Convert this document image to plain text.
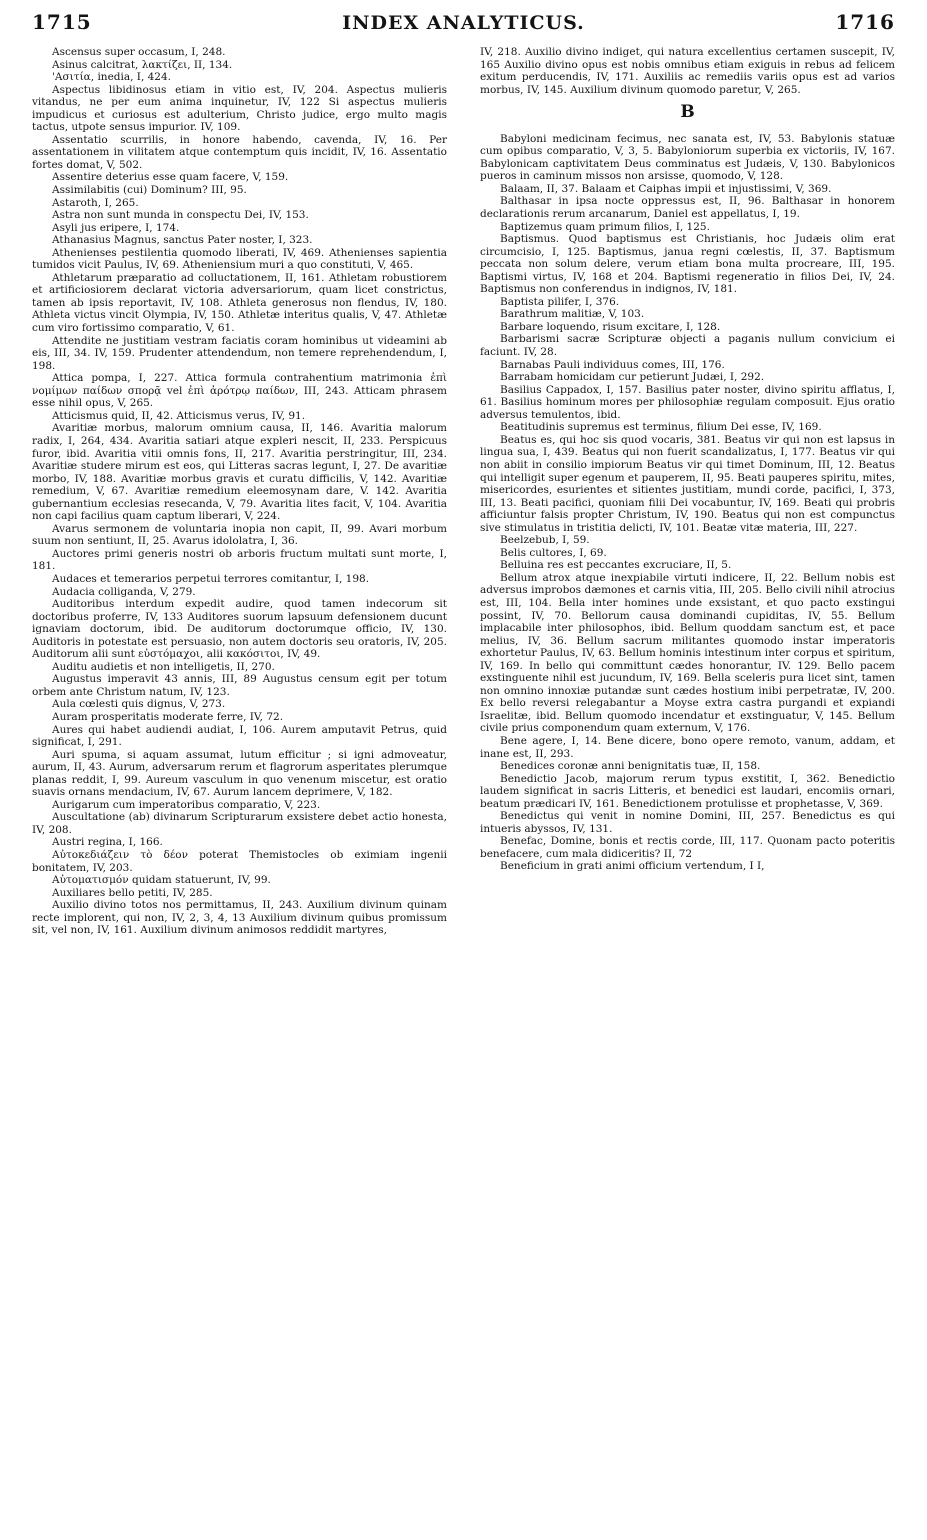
1715	INDEX ANALYTICUS.	1716

Ascensus super occasum, I, 248.

Asinus calcitrat, λακτίζει, II, 134.

'Ασιτία, inedia, I, 424.

Aspectus libidinosus etiam in vitio est, IV, 204. Aspectus mulieris vitandus, ne per eum anima inquinetur, IV, 122 Si aspectus mulieris impudicus et curiosus est adulterium, Christo judice, ergo multo magis tactus, utpote sensus impurior. IV, 109.

Assentatio scurrilis, in honore habendo, cavenda, IV, 16. Per assentationem in vilitatem atque contemptum quis incidit, IV, 16. Assentatio fortes domat, V, 502.

Assentire deterius esse quam facere, V, 159.

Assimilabitis (cui) Dominum? III, 95.

Astaroth, I, 265.

Astra non sunt munda in conspectu Dei, IV, 153.

Asyli jus eripere, I, 174.

Athanasius Magnus, sanctus Pater noster, I, 323.

Athenienses pestilentia quomodo liberati, IV, 469. Athenienses sapientia tumidos vicit Paulus, IV, 69. Atheniensium muri a quo constituti, V, 465.

Athletarum præparatio ad colluctationem, II, 161. Athletam robustiorem et artificiosiorem declarat victoria adversariorum, quam licet constrictus, tamen ab ipsis reportavit, IV, 108. Athleta generosus non flendus, IV, 180. Athleta victus vincit Olympia, IV, 150. Athletæ interitus qualis, V, 47. Athletæ cum viro fortissimo comparatio, V, 61.

Attendite ne justitiam vestram faciatis coram hominibus ut videamini ab eis, III, 34. IV, 159. Prudenter attendendum, non temere reprehendendum, I, 198.

Attica pompa, I, 227. Attica formula contrahentium matrimonia ἐπὶ νομίμων παίδων σπορᾷ vel ἐπὶ ἀρότρῳ παίδων, III, 243. Atticam phrasem esse nihil opus, V, 265.

Atticismus quid, II, 42. Atticismus verus, IV, 91.

Avaritiæ morbus, malorum omnium causa, II, 146. Avaritia malorum radix, I, 264, 434. Avaritia satiari atque expleri nescit, II, 233. Perspicuus furor, ibid. Avaritia vitii omnis fons, II, 217. Avaritia perstringitur, III, 234. Avaritiæ studere mirum est eos, qui Litteras sacras legunt, I, 27. De avaritiæ morbo, IV, 188. Avaritiæ morbus gravis et curatu difficilis, V, 142. Avaritiæ remedium, V, 67. Avaritiæ remedium eleemosynam dare, V. 142. Avaritia gubernantium ecclesias resecanda, V, 79. Avaritia lites facit, V, 104. Avaritia non capi facilius quam captum liberari, V, 224.

Avarus sermonem de voluntaria inopia non capit, II, 99. Avari morbum suum non sentiunt, II, 25. Avarus idololatra, I, 36.

Auctores primi generis nostri ob arboris fructum multati sunt morte, I, 181.

Audaces et temerarios perpetui terrores comitantur, I, 198.

Audacia colliganda, V, 279.

Auditoribus interdum expedit audire, quod tamen indecorum sit doctoribus proferre, IV, 133 Auditores suorum lapsuum defensionem ducunt ignaviam doctorum, ibid. De auditorum doctorumque officio, IV, 130. Auditoris in potestate est persuasio, non autem doctoris seu oratoris, IV, 205. Auditorum alii sunt εὐστόμαχοι, alii κακόσιτοι, IV, 49.

Auditu audietis et non intelligetis, II, 270.

Augustus imperavit 43 annis, III, 89 Augustus censum egit per totum orbem ante Christum natum, IV, 123.

Aula cœlesti quis dignus, V, 273.

Auram prosperitatis moderate ferre, IV, 72.

Aures qui habet audiendi audiat, I, 106. Aurem amputavit Petrus, quid significat, I, 291.

Auri spuma, si aquam assumat, lutum efficitur ; si igni admoveatur, aurum, II, 43. Aurum, adversarum rerum et flagrorum asperitates plerumque planas reddit, I, 99. Aureum vasculum in quo venenum miscetur, est oratio suavis ornans mendacium, IV, 67. Aurum lancem deprimere, V, 182.

Aurigarum cum imperatoribus comparatio, V, 223.

Auscultatione (ab) divinarum Scripturarum exsistere debet actio honesta, IV, 208.

Austri regina, I, 166.

Αὐτοκεδιάζειν τὸ δέον poterat Themistocles ob eximiam ingenii bonitatem, IV, 203.

Αὐτοματισμόν quidam statuerunt, IV, 99.

Auxiliares bello petiti, IV, 285.

Auxilio divino totos nos permittamus, II, 243. Auxilium divinum quinam recte implorent, qui non, IV, 2, 3, 4, 13 Auxilium divinum quibus promissum sit, vel non, IV, 161. Auxilium divinum animosos reddidit martyres,

IV, 218. Auxilio divino indiget, qui natura excellentius certamen suscepit, IV, 165 Auxilio divino opus est nobis omnibus etiam exiguis in rebus ad felicem exitum perducendis, IV, 171. Auxiliis ac remediis variis opus est ad varios morbus, IV, 145. Auxilium divinum quomodo paretur, V, 265.

B

Babyloni medicinam fecimus, nec sanata est, IV, 53. Babylonis statuæ cum opibus comparatio, V, 3, 5. Babyloniorum superbia ex victoriis, IV, 167. Babylonicam captivitatem Deus comminatus est Judæis, V, 130. Babylonicos pueros in caminum missos non arsisse, quomodo, V, 128.

Balaam, II, 37. Balaam et Caiphas impii et injustissimi, V, 369.

Balthasar in ipsa nocte oppressus est, II, 96. Balthasar in honorem declarationis rerum arcanarum, Daniel est appellatus, I, 19.

Baptizemus quam primum filios, I, 125.

Baptismus. Quod baptismus est Christianis, hoc Judæis olim erat circumcisio, I, 125. Baptismus, janua regni cœlestis, II, 37. Baptismum peccata non solum delere, verum etiam bona multa procreare, III, 195. Baptismi virtus, IV, 168 et 204. Baptismi regeneratio in filios Dei, IV, 24. Baptismus non conferendus in indignos, IV, 181.

Baptista pilifer, I, 376.

Barathrum malitiæ, V, 103.

Barbare loquendo, risum excitare, I, 128.

Barbarismi sacræ Scripturæ objecti a paganis nullum convicium ei faciunt. IV, 28.

Barnabas Pauli individuus comes, III, 176.

Barrabam homicidam cur petierunt Judæi, I, 292.

Basilius Cappadox, I, 157. Basilius pater noster, divino spiritu afflatus, I, 61. Basilius hominum mores per philosophiæ regulam composuit. Ejus oratio adversus temulentos, ibid.

Beatitudinis supremus est terminus, filium Dei esse, IV, 169.

Beatus es, qui hoc sis quod vocaris, 381. Beatus vir qui non est lapsus in lingua sua, I, 439. Beatus qui non fuerit scandalizatus, I, 177. Beatus vir qui non abiit in consilio impiorum Beatus vir qui timet Dominum, III, 12. Beatus qui intelligit super egenum et pauperem, II, 95. Beati pauperes spiritu, mites, misericordes, esurientes et sitientes justitiam, mundi corde, pacifici, I, 373, III, 13. Beati pacifici, quoniam filii Dei vocabuntur, IV, 169. Beati qui probris afficiuntur falsis propter Christum, IV, 190. Beatus qui non est compunctus sive stimulatus in tristitia delicti, IV, 101. Beatæ vitæ materia, III, 227.

Beelzebub, I, 59.

Belis cultores, I, 69.

Belluina res est peccantes excruciare, II, 5.

Bellum atrox atque inexpiabile virtuti indicere, II, 22. Bellum nobis est adversus improbos dæmones et carnis vitia, III, 205. Bello civili nihil atrocius est, III, 104. Bella inter homines unde exsistant, et quo pacto exstingui possint, IV, 70. Bellorum causa dominandi cupiditas, IV, 55. Bellum implacabile inter philosophos, ibid. Bellum quoddam sanctum est, et pace melius, IV, 36. Bellum sacrum militantes quomodo instar imperatoris exhortetur Paulus, IV, 63. Bellum hominis intestinum inter corpus et spiritum, IV, 169. In bello qui committunt cædes honorantur, IV. 129. Bello pacem exstinguente nihil est jucundum, IV, 169. Bella sceleris pura licet sint, tamen non omnino innoxiæ putandæ sunt cædes hostium inibi perpetratæ, IV, 200. Ex bello reversi relegabantur a Moyse extra castra purgandi et expiandi Israelitæ, ibid. Bellum quomodo incendatur et exstinguatur, V, 145. Bellum civile prius componendum quam externum, V, 176.

Bene agere, I, 14. Bene dicere, bono opere remoto, vanum, addam, et inane est, II, 293.

Benedices coronæ anni benignitatis tuæ, II, 158.

Benedictio Jacob, majorum rerum typus exstitit, I, 362. Benedictio laudem significat in sacris Litteris, et benedici est laudari, encomiis ornari, beatum prædicari IV, 161. Benedictionem protulisse et prophetasse, V, 369.

Benedictus qui venit in nomine Domini, III, 257. Benedictus es qui intueris abyssos, IV, 131.

Benefac, Domine, bonis et rectis corde, III, 117. Quonam pacto poteritis benefacere, cum mala didiceritis? II, 72

Beneficium in grati animi officium vertendum, I I,
